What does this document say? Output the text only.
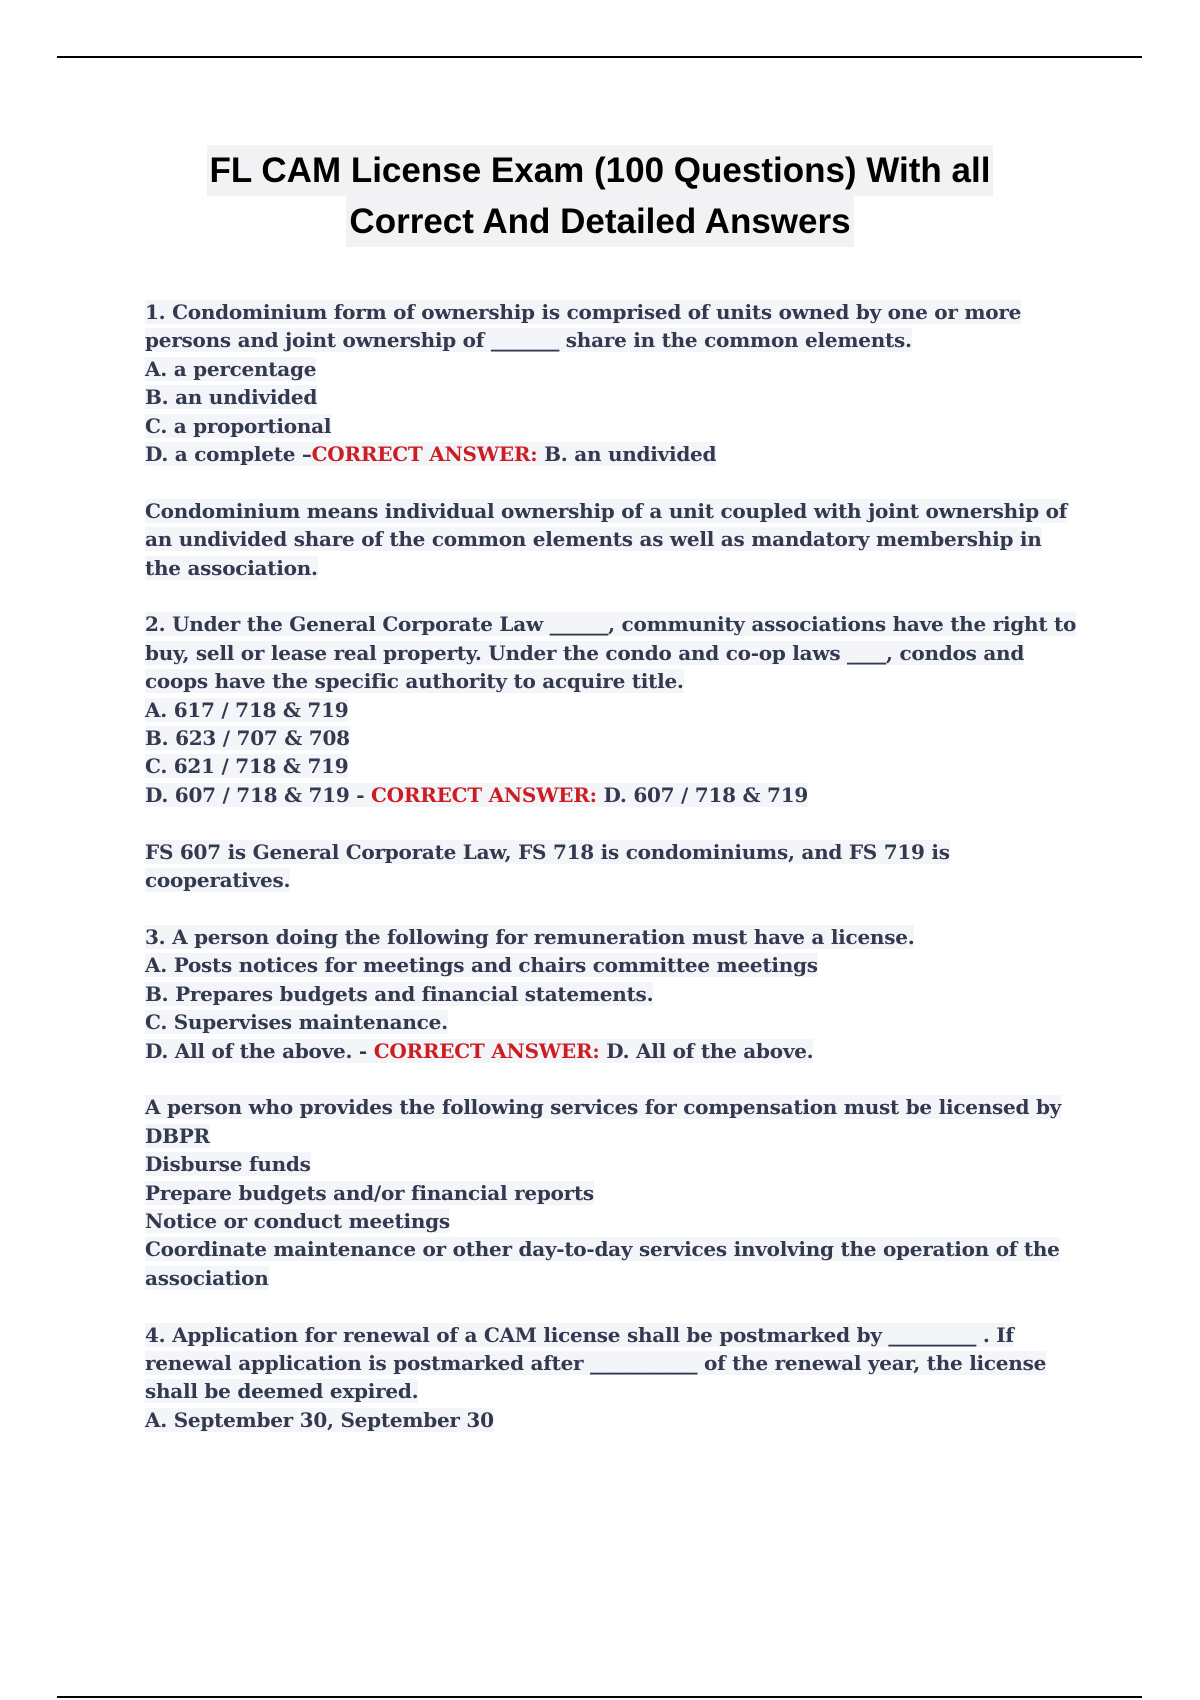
FL CAM License Exam (100 Questions) With all
Correct And Detailed Answers
1. Condominium form of ownership is comprised of units owned by one or more
persons and joint ownership of _______ share in the common elements.
A. a percentage
B. an undivided
C. a proportional
D. a complete –CORRECT ANSWER: B. an undivided
Condominium means individual ownership of a unit coupled with joint ownership of
an undivided share of the common elements as well as mandatory membership in
the association.
2. Under the General Corporate Law ______, community associations have the right to
buy, sell or lease real property. Under the condo and co-op laws ____, condos and
coops have the specific authority to acquire title.
A. 617 / 718 & 719
B. 623 / 707 & 708
C. 621 / 718 & 719
D. 607 / 718 & 719 - CORRECT ANSWER: D. 607 / 718 & 719
FS 607 is General Corporate Law, FS 718 is condominiums, and FS 719 is
cooperatives.
3. A person doing the following for remuneration must have a license.
A. Posts notices for meetings and chairs committee meetings
B. Prepares budgets and financial statements.
C. Supervises maintenance.
D. All of the above. - CORRECT ANSWER: D. All of the above.
A person who provides the following services for compensation must be licensed by
DBPR
Disburse funds
Prepare budgets and/or financial reports
Notice or conduct meetings
Coordinate maintenance or other day-to-day services involving the operation of the
association
4. Application for renewal of a CAM license shall be postmarked by _________ . If
renewal application is postmarked after ___________ of the renewal year, the license
shall be deemed expired.
A. September 30, September 30
